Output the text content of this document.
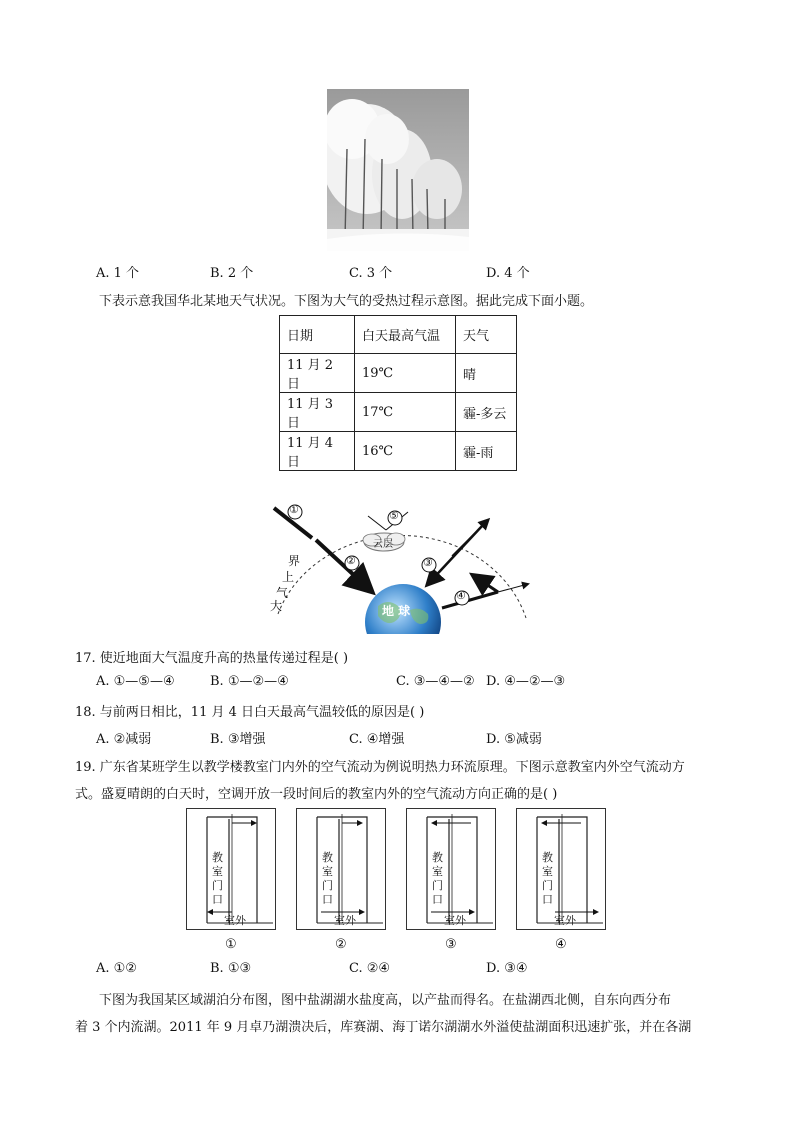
A. 1 个	B. 2 个	C. 3 个	D. 4 个
下表示意我国华北某地天气状况。下图为大气的受热过程示意图。据此完成下面小题。
日期	白天最高气温	天气
11 月 2 日	19℃	晴
11 月 3 日	17℃	霾-多云
11 月 4 日	16℃	霾-雨
①
②	③
④
⑤
云层
地 球
界
上
气
大
17. 使近地面大气温度升高的热量传递过程是( )
A. ①—⑤—④	B. ①—②—④	C. ③—④—② D. ④—②—③
18. 与前两日相比，11 月 4 日白天最高气温较低的原因是( )
A. ②减弱	B. ③增强	C. ④增强	D. ⑤减弱
19. 广东省某班学生以教学楼教室门内外的空气流动为例说明热力环流原理。下图示意教室内外空气流动方
式。盛夏晴朗的白天时，空调开放一段时间后的教室内外的空气流动方向正确的是( )
教
室
门
口
室外
教
室
门
口
室外
教
室
门
口
室外
教
室
门
口
室外
①	②	③	④
A. ①②	B. ①③	C. ②④	D. ③④
下图为我国某区域湖泊分布图，图中盐湖湖水盐度高，以产盐而得名。在盐湖西北侧，自东向西分布
着 3 个内流湖。2011 年 9 月卓乃湖溃决后，库赛湖、海丁诺尔湖湖水外溢使盐湖面积迅速扩张，并在各湖
